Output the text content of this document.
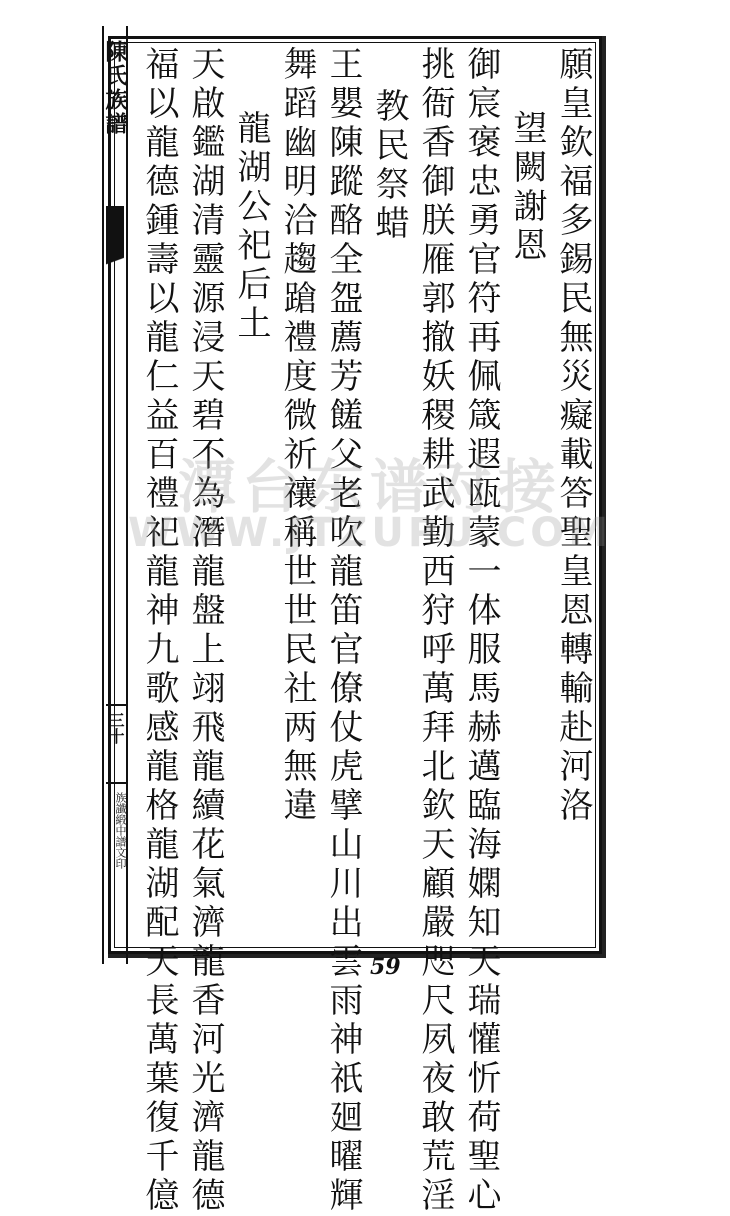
陳氏族譜
三十
族讖緞中譜文印
願皇欽福多錫民無災癡載答聖皇恩轉輸赴河洛
望闕謝恩
御宸褒忠勇官符再佩箴遐瓯蒙一体服馬赫邁臨海嫻知天瑞懽忻荷聖心
挑衙香御朕雁郭撤妖稷耕武勤西狩呼萬拜北欽天顧嚴咫尺夙夜敢荒淫
教民祭蜡
王嬰陳蹤酪全盌薦芳饈父老吹龍笛官僚仗虎擘山川出雲雨神祇廻曜輝
舞蹈幽明洽趨蹌禮度微祈禳稱世世民社两無違
龍湖公祀后土
天啟鑑湖清靈源浸天碧不為潛龍盤上翊飛龍續花氣濟龍香河光濟龍德
福以龍德鍾壽以龍仁益百禮祀龍神九歌感龍格龍湖配天長萬葉復千億
潭台东谱对接
WWW.JTZUPU.COM
59
